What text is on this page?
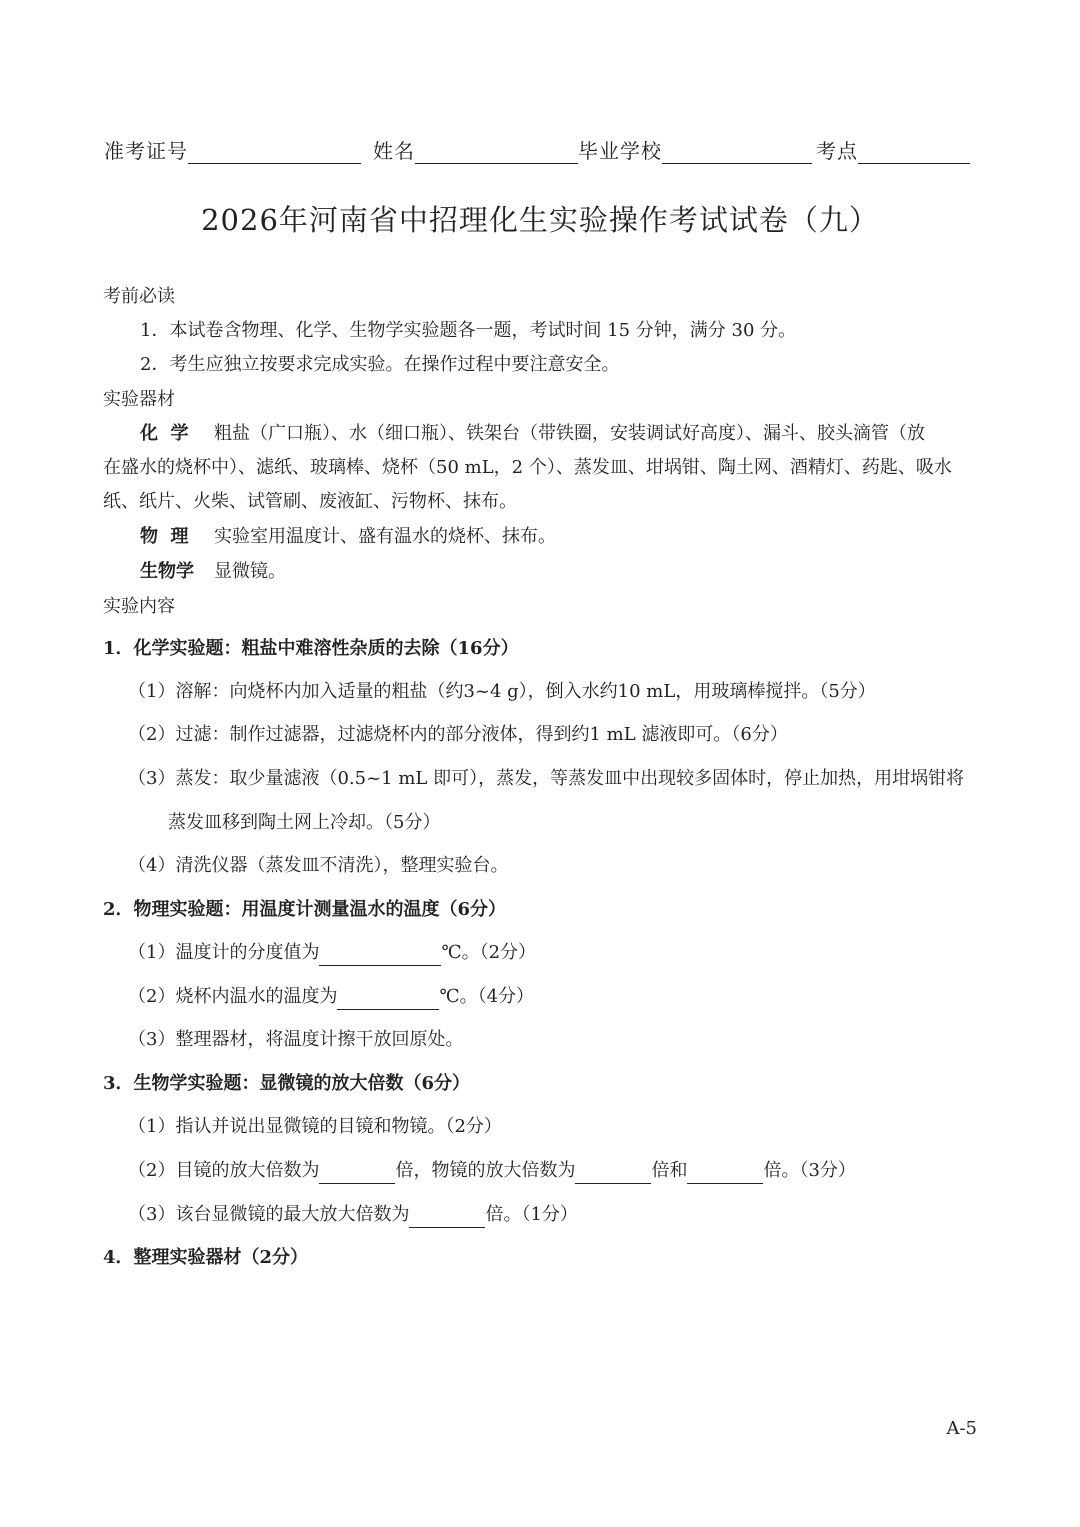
准考证号	姓名	毕业学校	考点
2026年河南省中招理化生实验操作考试试卷（九）
考前必读
1．本试卷含物理、化学、生物学实验题各一题，考试时间 15 分钟，满分 30 分。
2．考生应独立按要求完成实验。在操作过程中要注意安全。
实验器材
化  学 粗盐（广口瓶）、水（细口瓶）、铁架台（带铁圈，安装调试好高度）、漏斗、胶头滴管（放
在盛水的烧杯中）、滤纸、玻璃棒、烧杯（50 mL，2 个）、蒸发皿、坩埚钳、陶土网、酒精灯、药匙、吸水
纸、纸片、火柴、试管刷、废液缸、污物杯、抹布。
物  理 实验室用温度计、盛有温水的烧杯、抹布。
生物学 显微镜。
实验内容
1．化学实验题：粗盐中难溶性杂质的去除（16分）
（1）溶解：向烧杯内加入适量的粗盐（约3~4 g），倒入水约10 mL，用玻璃棒搅拌。（5分）
（2）过滤：制作过滤器，过滤烧杯内的部分液体，得到约1 mL 滤液即可。（6分）
（3）蒸发：取少量滤液（0.5~1 mL 即可），蒸发，等蒸发皿中出现较多固体时，停止加热，用坩埚钳将
蒸发皿移到陶土网上冷却。（5分）
（4）清洗仪器（蒸发皿不清洗），整理实验台。
2．物理实验题：用温度计测量温水的温度（6分）
（1）温度计的分度值为	℃。（2分）
（2）烧杯内温水的温度为	℃。（4分）
（3）整理器材，将温度计擦干放回原处。
3．生物学实验题：显微镜的放大倍数（6分）
（1）指认并说出显微镜的目镜和物镜。（2分）
（2）目镜的放大倍数为	倍，物镜的放大倍数为	倍和	倍。（3分）
（3）该台显微镜的最大放大倍数为	倍。（1分）
4．整理实验器材（2分）
A-5
